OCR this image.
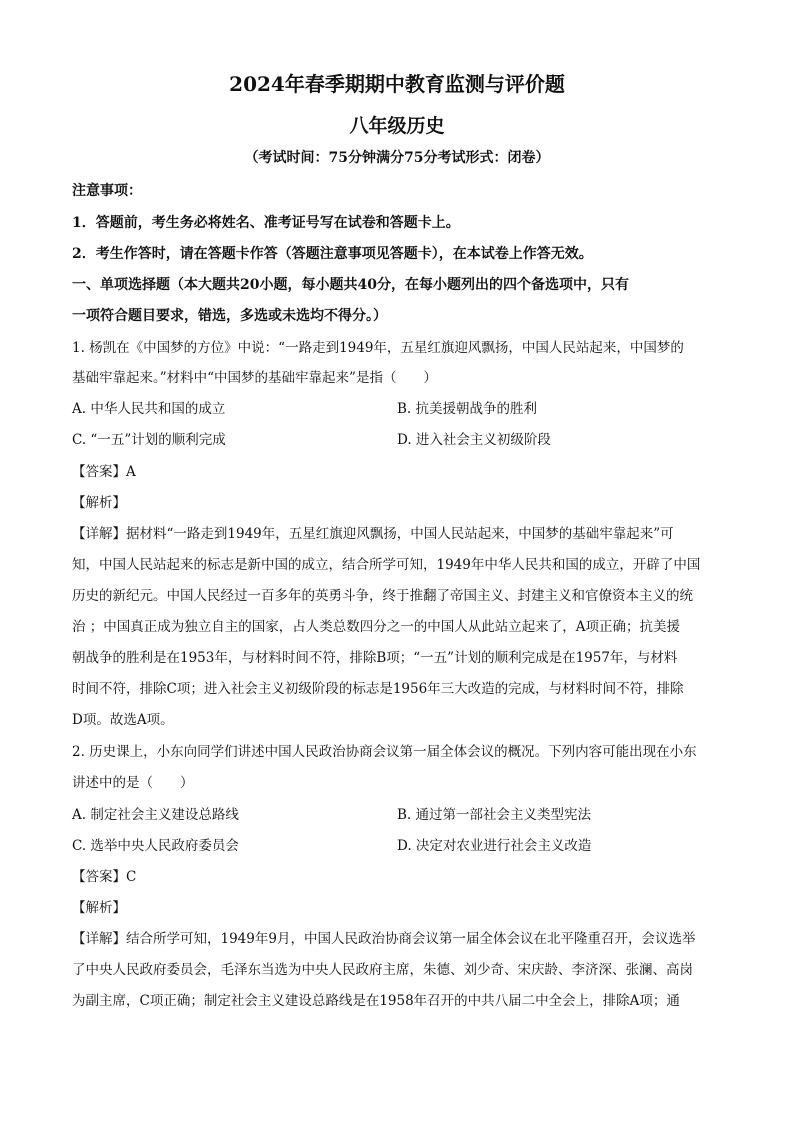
2024年春季期期中教育监测与评价题
八年级历史
（考试时间：75分钟满分75分考试形式：闭卷）
注意事项：
1．答题前，考生务必将姓名、准考证号写在试卷和答题卡上。
2．考生作答时，请在答题卡作答（答题注意事项见答题卡），在本试卷上作答无效。
一、单项选择题（本大题共20小题，每小题共40分，在每小题列出的四个备选项中，只有
一项符合题目要求，错选，多选或未选均不得分。）
1. 杨凯在《中国梦的方位》中说：“一路走到1949年，五星红旗迎风飘扬，中国人民站起来，中国梦的
基础牢靠起来。”材料中“中国梦的基础牢靠起来”是指（　　）
A. 中华人民共和国的成立	B. 抗美援朝战争的胜利
C. “一五”计划的顺利完成	D. 进入社会主义初级阶段
【答案】A
【解析】
【详解】据材料“一路走到1949年，五星红旗迎风飘扬，中国人民站起来，中国梦的基础牢靠起来”可
知，中国人民站起来的标志是新中国的成立，结合所学可知，1949年中华人民共和国的成立，开辟了中国
历史的新纪元。中国人民经过一百多年的英勇斗争，终于推翻了帝国主义、封建主义和官僚资本主义的统
治 ；中国真正成为独立自主的国家，占人类总数四分之一的中国人从此站立起来了，A项正确；抗美援
朝战争的胜利是在1953年，与材料时间不符，排除B项；“一五”计划的顺利完成是在1957年，与材料
时间不符，排除C项；进入社会主义初级阶段的标志是1956年三大改造的完成，与材料时间不符，排除
D项。故选A项。
2. 历史课上，小东向同学们讲述中国人民政治协商会议第一届全体会议的概况。下列内容可能出现在小东
讲述中的是（　　）
A. 制定社会主义建设总路线	B. 通过第一部社会主义类型宪法
C. 选举中央人民政府委员会	D. 决定对农业进行社会主义改造
【答案】C
【解析】
【详解】结合所学可知，1949年9月，中国人民政治协商会议第一届全体会议在北平隆重召开，会议选举
了中央人民政府委员会，毛泽东当选为中央人民政府主席，朱德、刘少奇、宋庆龄、李济深、张澜、高岗
为副主席，C项正确；制定社会主义建设总路线是在1958年召开的中共八届二中全会上，排除A项；通
